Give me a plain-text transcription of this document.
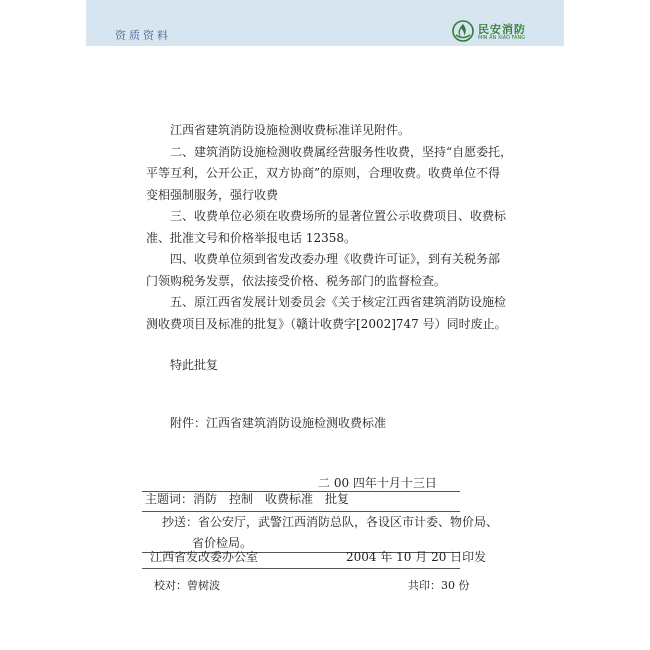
资质资料	民安消防
MIN AN XIAO FANG
江西省建筑消防设施检测收费标准详见附件。
二、建筑消防设施检测收费属经营服务性收费，坚持“自愿委托，
平等互利，公开公正，双方协商”的原则，合理收费。收费单位不得
变相强制服务，强行收费
三、收费单位必须在收费场所的显著位置公示收费项目、收费标
准、批准文号和价格举报电话 12358。
四、收费单位须到省发改委办理《收费许可证》，到有关税务部
门领购税务发票，依法接受价格、税务部门的监督检查。
五、原江西省发展计划委员会《关于核定江西省建筑消防设施检
测收费项目及标准的批复》（赣计收费字[2002]747 号）同时废止。
特此批复
附件：江西省建筑消防设施检测收费标准
二 00 四年十月十三日
主题词：消防　控制　收费标准　批复
抄送：省公安厅，武警江西消防总队，各设区市计委、物价局、
省价检局。
江西省发改委办公室	2004 年 10 月 20 日印发
校对：曾树波	共印：30 份
